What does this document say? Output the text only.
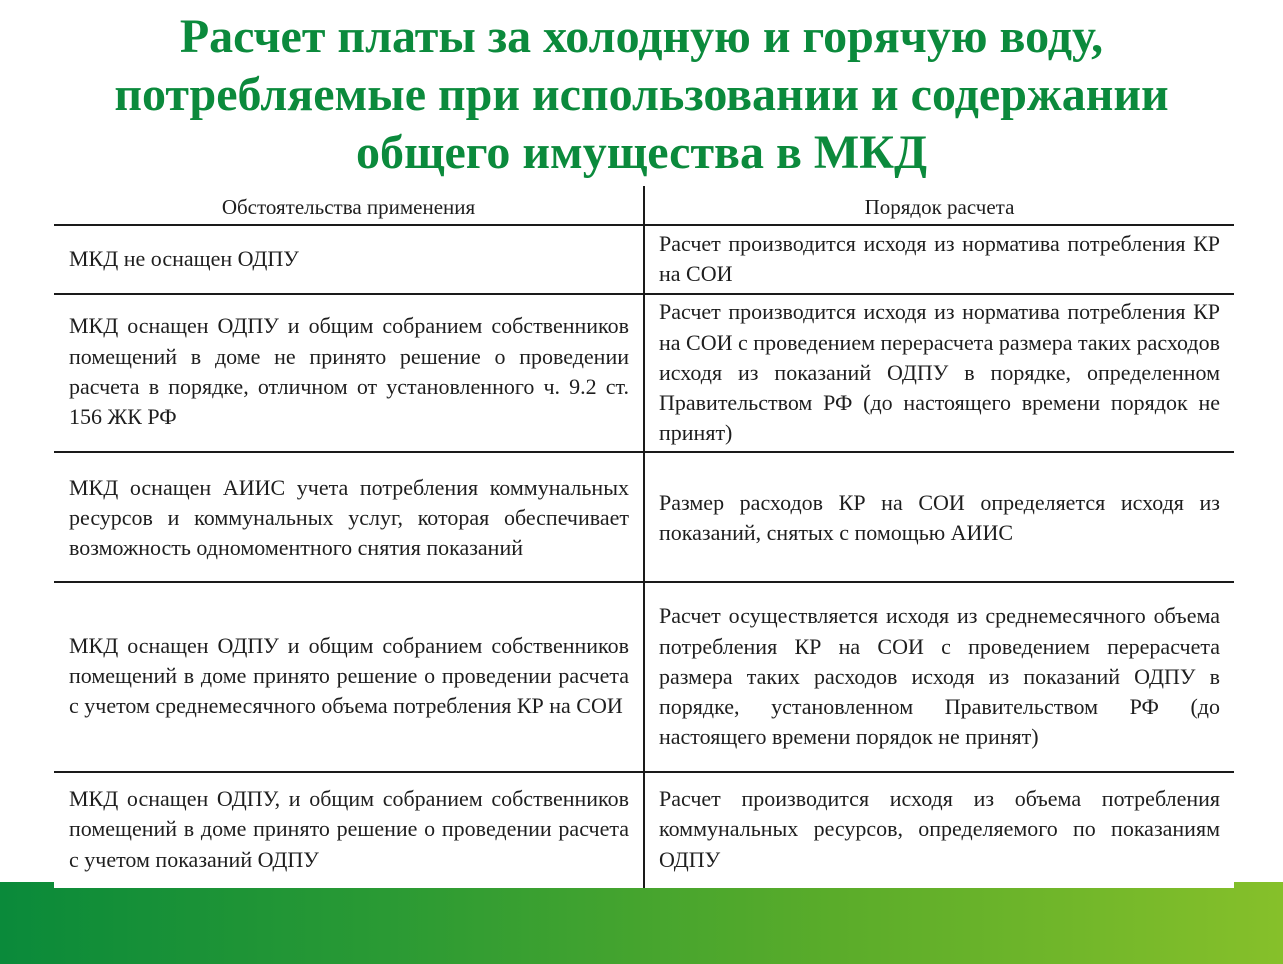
Расчет платы за холодную и горячую воду,
потребляемые при использовании и содержании
общего имущества в МКД
Обстоятельства применения	Порядок расчета
МКД не оснащен ОДПУ
Расчет производится исходя из норматива потребления КР на СОИ
МКД оснащен ОДПУ и общим собранием собственников помещений в доме не принято решение о проведении расчета в порядке, отличном от установленного ч. 9.2 ст. 156 ЖК РФ
Расчет производится исходя из норматива потребления КР на СОИ с проведением перерасчета размера таких расходов исходя из показаний ОДПУ в порядке, определенном Правительством РФ (до настоящего времени порядок не принят)
МКД оснащен АИИС учета потребления коммунальных ресурсов и коммунальных услуг, которая обеспечивает возможность одномоментного снятия показаний
Размер расходов КР на СОИ определяется исходя из показаний, снятых с помощью АИИС
МКД оснащен ОДПУ и общим собранием собственников помещений в доме принято решение о проведении расчета с учетом среднемесячного объема потребления КР на СОИ
Расчет осуществляется исходя из среднемесячного объема потребления КР на СОИ с проведением перерасчета размера таких расходов исходя из показаний ОДПУ в порядке, установленном Правительством РФ (до настоящего времени порядок не принят)
МКД оснащен ОДПУ, и общим собранием собственников помещений в доме принято решение о проведении расчета с учетом показаний ОДПУ
Расчет производится исходя из объема потребления коммунальных ресурсов, определяемого по показаниям ОДПУ
